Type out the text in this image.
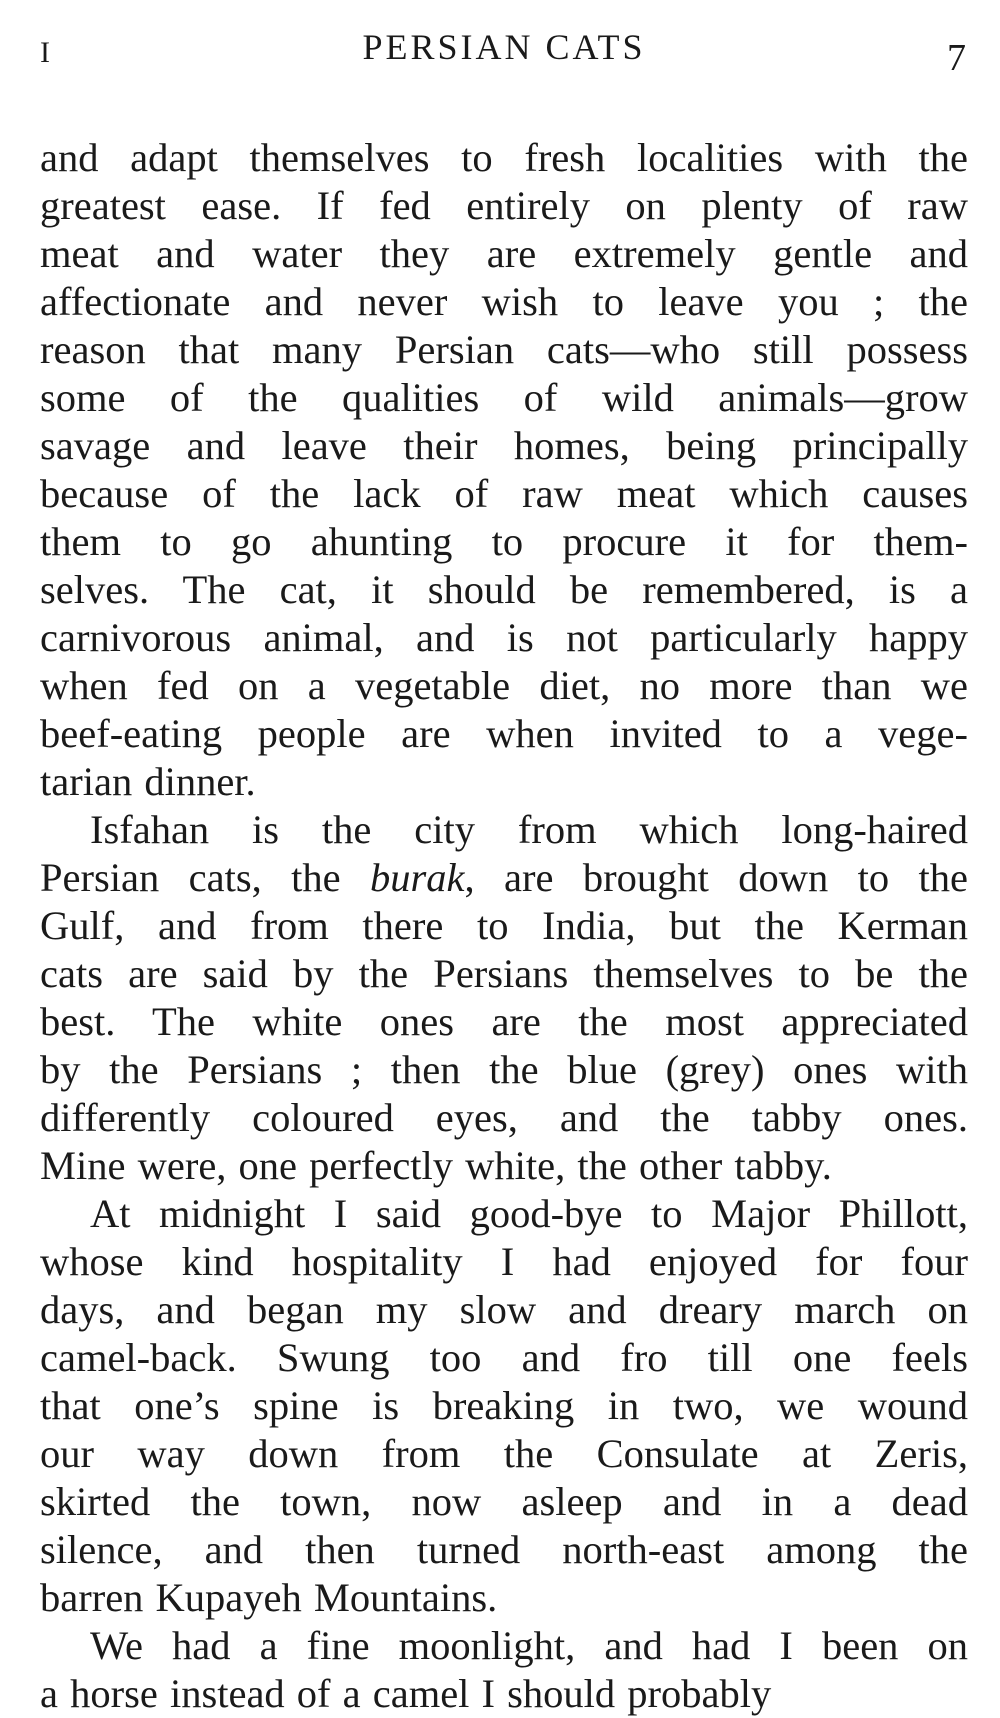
I	PERSIAN CATS	7
and adapt themselves to fresh localities with the
greatest ease. If fed entirely on plenty of raw
meat and water they are extremely gentle and
affectionate and never wish to leave you ; the
reason that many Persian cats—who still possess
some of the qualities of wild animals—grow
savage and leave their homes, being principally
because of the lack of raw meat which causes
them to go ahunting to procure it for them-
selves. The cat, it should be remembered, is a
carnivorous animal, and is not particularly happy
when fed on a vegetable diet, no more than we
beef-eating people are when invited to a vege-
tarian dinner.
Isfahan is the city from which long-haired
Persian cats, the burak, are brought down to the
Gulf, and from there to India, but the Kerman
cats are said by the Persians themselves to be the
best. The white ones are the most appreciated
by the Persians ; then the blue (grey) ones with
differently coloured eyes, and the tabby ones.
Mine were, one perfectly white, the other tabby.
At midnight I said good-bye to Major Phillott,
whose kind hospitality I had enjoyed for four
days, and began my slow and dreary march on
camel-back. Swung too and fro till one feels
that one’s spine is breaking in two, we wound
our way down from the Consulate at Zeris,
skirted the town, now asleep and in a dead
silence, and then turned north-east among the
barren Kupayeh Mountains.
We had a fine moonlight, and had I been on
a horse instead of a camel I should probably
